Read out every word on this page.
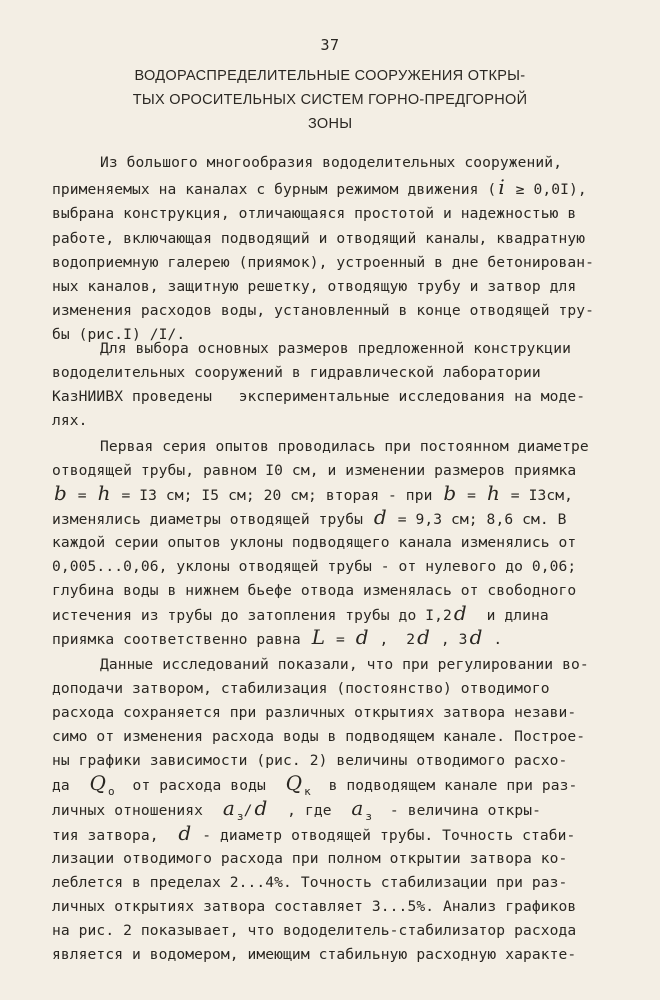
37
ВОДОРАСПРЕДЕЛИТЕЛЬНЫЕ СООРУЖЕНИЯ ОТКРЫ-
ТЫХ ОРОСИТЕЛЬНЫХ СИСТЕМ ГОРНО-ПРЕДГОРНОЙ
ЗОНЫ
Из большого многообразия вододелительных сооружений,
применяемых на каналах с бурным режимом движения ( i ≥ 0,0I),
выбрана конструкция, отличающаяся простотой и надежностью в
работе, включающая подводящий и отводящий каналы, квадратную
водоприемную галерею (приямок), устроенный в дне бетонирован-
ных каналов, защитную решетку, отводящую трубу и затвор для
изменения расходов воды, установленный в конце отводящей тру-
бы (рис.I) /I/.
Для выбора основных размеров предложенной конструкции
вододелительных сооружений в гидравлической лаборатории
КазНИИВХ проведены   экспериментальные исследования на моде-
лях.
Первая серия опытов проводилась при постоянном диаметре
отводящей трубы, равном I0 см, и изменении размеров приямка
b = h = I3 см; I5 см; 20 см; вторая - при b = h = I3см,
изменялись диаметры отводящей трубы d = 9,3 см; 8,6 см. В
каждой серии опытов уклоны подводящего канала изменялись от
0,005...0,06, уклоны отводящей трубы - от нулевого до 0,06;
глубина воды в нижнем бьефе отвода изменялась от свободного
истечения из трубы до затопления трубы до I,2 d  и длина
приямка соответственно равна L = d ,  2 d , 3 d .
Данные исследований показали, что при регулировании во-
доподачи затвором, стабилизация (постоянство) отводимого
расхода сохраняется при различных открытиях затвора незави-
симо от изменения расхода воды в подводящем канале. Построе-
ны графики зависимости (рис. 2) величины отводимого расхо-
да  Q $_o$  от расхода воды  Q $_к$  в подводящем канале при раз-
личных отношениях  a $_з$/ d  , где  a $_з$  - величина откры-
тия затвора,  d - диаметр отводящей трубы. Точность стаби-
лизации отводимого расхода при полном открытии затвора ко-
леблется в пределах 2...4%. Точность стабилизации при раз-
личных открытиях затвора составляет 3...5%. Анализ графиков
на рис. 2 показывает, что вододелитель-стабилизатор расхода
является и водомером, имеющим стабильную расходную характе-
